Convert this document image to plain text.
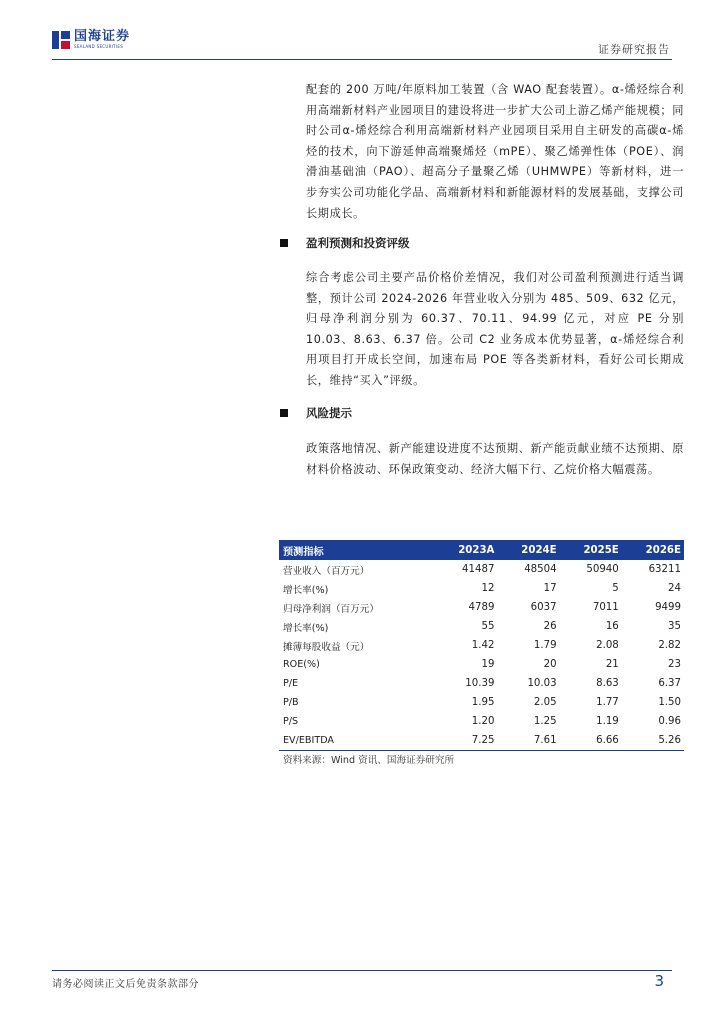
国海证券
SEALAND SECURITIES	证券研究报告
配套的 200 万吨/年原料加工装置（含 WAO 配套装置）。α-烯烃综合利用高端新材料产业园项目的建设将进一步扩大公司上游乙烯产能规模；同时公司α-烯烃综合利用高端新材料产业园项目采用自主研发的高碳α-烯烃的技术，向下游延伸高端聚烯烃（mPE）、聚乙烯弹性体（POE）、润滑油基础油（PAO）、超高分子量聚乙烯（UHMWPE）等新材料，进一步夯实公司功能化学品、高端新材料和新能源材料的发展基础，支撑公司长期成长。
盈利预测和投资评级
综合考虑公司主要产品价格价差情况，我们对公司盈利预测进行适当调整，预计公司 2024-2026 年营业收入分别为 485、509、632 亿元，归母净利润分别为 60.37、70.11、94.99 亿元，对应 PE 分别 10.03、8.63、6.37 倍。公司 C2 业务成本优势显著，α-烯烃综合利用项目打开成长空间，加速布局 POE 等各类新材料，看好公司长期成长，维持“买入”评级。
风险提示
政策落地情况、新产能建设进度不达预期、新产能贡献业绩不达预期、原材料价格波动、环保政策变动、经济大幅下行、乙烷价格大幅震荡。
预测指标	2023A	2024E	2025E	2026E
营业收入（百万元）	41487	48504	50940	63211
增长率(%)	12	17	5	24
归母净利润（百万元）	4789	6037	7011	9499
增长率(%)	55	26	16	35
摊薄每股收益（元）	1.42	1.79	2.08	2.82
ROE(%)	19	20	21	23
P/E	10.39	10.03	8.63	6.37
P/B	1.95	2.05	1.77	1.50
P/S	1.20	1.25	1.19	0.96
EV/EBITDA	7.25	7.61	6.66	5.26
资料来源：Wind 资讯、国海证券研究所
请务必阅读正文后免责条款部分	3
